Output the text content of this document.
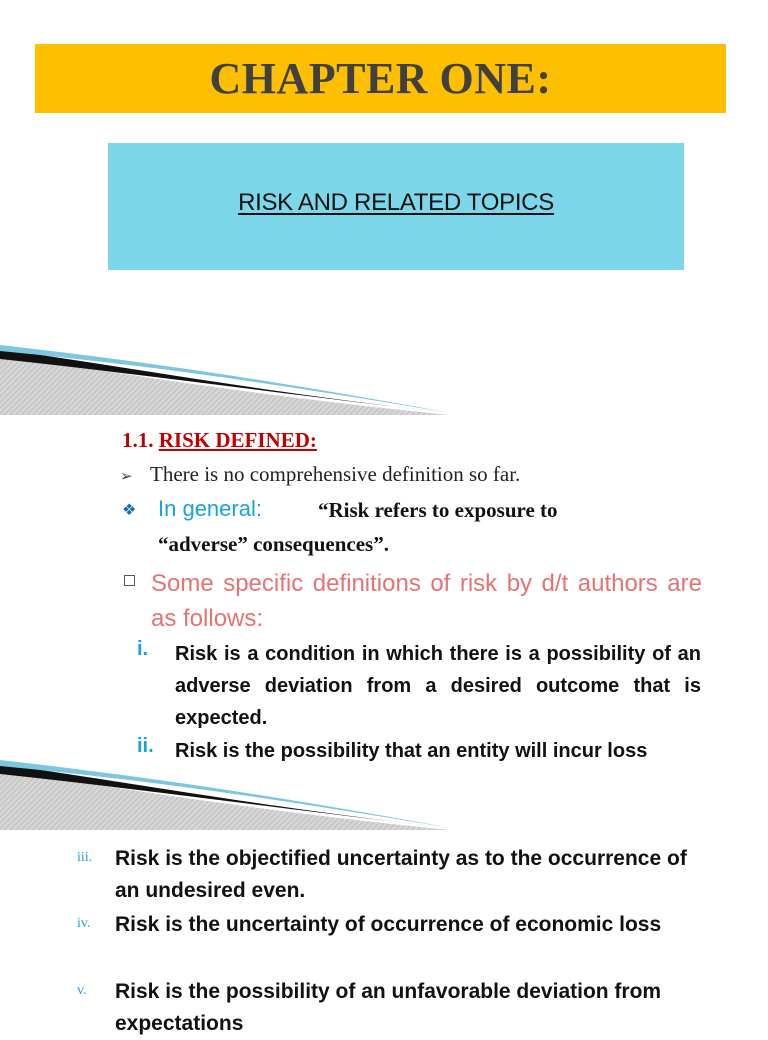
CHAPTER ONE:
RISK AND RELATED TOPICS
1.1. RISK DEFINED:
➢ There is no comprehensive definition so far.
❖ In general:	“Risk refers to exposure to
“adverse” consequences”.
Some specific definitions of risk by d/t authors are as follows:
i. Risk is a condition in which there is a possibility of an adverse deviation from a desired outcome that is expected.
ii. Risk is the possibility that an entity will incur loss
iii. Risk is the objectified uncertainty as to the occurrence of an undesired even.
iv. Risk is the uncertainty of occurrence of economic loss
v. Risk is the possibility of an unfavorable deviation from expectations
